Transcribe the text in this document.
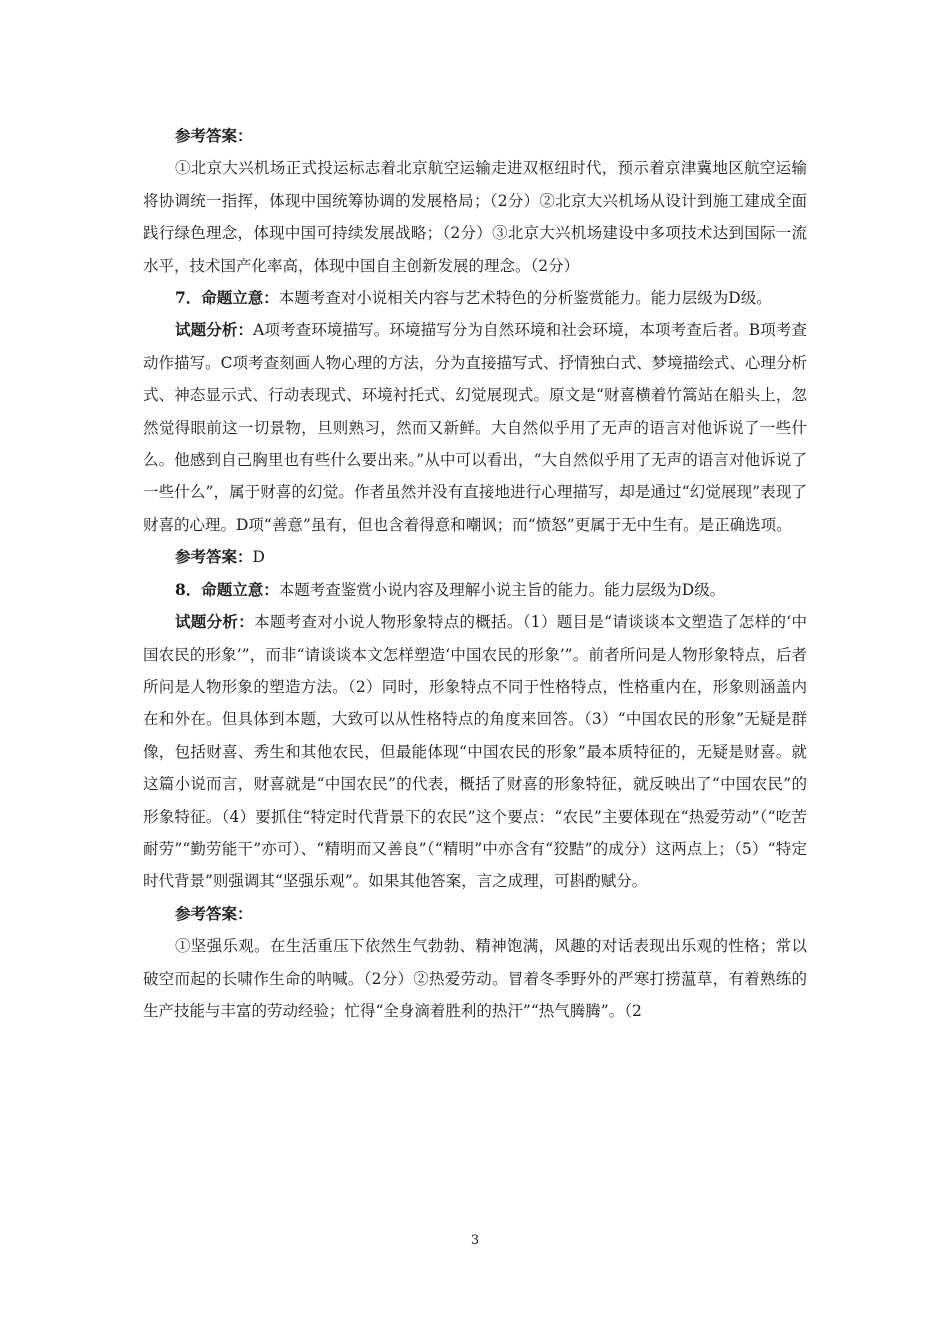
参考答案：

①北京大兴机场正式投运标志着北京航空运输走进双枢纽时代，预示着京津冀地区航空运输将协调统一指挥，体现中国统筹协调的发展格局；（2分）②北京大兴机场从设计到施工建成全面践行绿色理念，体现中国可持续发展战略；（2分）③北京大兴机场建设中多项技术达到国际一流水平，技术国产化率高，体现中国自主创新发展的理念。（2分）

7．命题立意：本题考查对小说相关内容与艺术特色的分析鉴赏能力。能力层级为D级。

试题分析：A项考查环境描写。环境描写分为自然环境和社会环境，本项考查后者。B项考查动作描写。C项考查刻画人物心理的方法，分为直接描写式、抒情独白式、梦境描绘式、心理分析式、神态显示式、行动表现式、环境衬托式、幻觉展现式。原文是“财喜横着竹篙站在船头上，忽然觉得眼前这一切景物，旦则熟习，然而又新鲜。大自然似乎用了无声的语言对他诉说了一些什么。他感到自己胸里也有些什么要出来。”从中可以看出，“大自然似乎用了无声的语言对他诉说了一些什么”，属于财喜的幻觉。作者虽然并没有直接地进行心理描写，却是通过“幻觉展现”表现了财喜的心理。D项“善意”虽有，但也含着得意和嘲讽；而“愤怒”更属于无中生有。是正确选项。

参考答案：D

8．命题立意：本题考查鉴赏小说内容及理解小说主旨的能力。能力层级为D级。

试题分析：本题考查对小说人物形象特点的概括。（1）题目是“请谈谈本文塑造了怎样的‘中国农民的形象’”，而非“请谈谈本文怎样塑造‘中国农民的形象’”。前者所问是人物形象特点，后者所问是人物形象的塑造方法。（2）同时，形象特点不同于性格特点，性格重内在，形象则涵盖内在和外在。但具体到本题，大致可以从性格特点的角度来回答。（3）“中国农民的形象”无疑是群像，包括财喜、秀生和其他农民，但最能体现“中国农民的形象”最本质特征的，无疑是财喜。就这篇小说而言，财喜就是“中国农民”的代表，概括了财喜的形象特征，就反映出了“中国农民”的形象特征。（4）要抓住“特定时代背景下的农民”这个要点：“农民”主要体现在“热爱劳动”（“吃苦耐劳”“勤劳能干”亦可）、“精明而又善良”（“精明”中亦含有“狡黠”的成分）这两点上；（5）“特定时代背景”则强调其“坚强乐观”。如果其他答案，言之成理，可斟酌赋分。

参考答案：

①坚强乐观。在生活重压下依然生气勃勃、精神饱满，风趣的对话表现出乐观的性格；常以破空而起的长啸作生命的呐喊。（2分）②热爱劳动。冒着冬季野外的严寒打捞蕰草，有着熟练的生产技能与丰富的劳动经验；忙得“全身滴着胜利的热汗”“热气腾腾”。（2

3
